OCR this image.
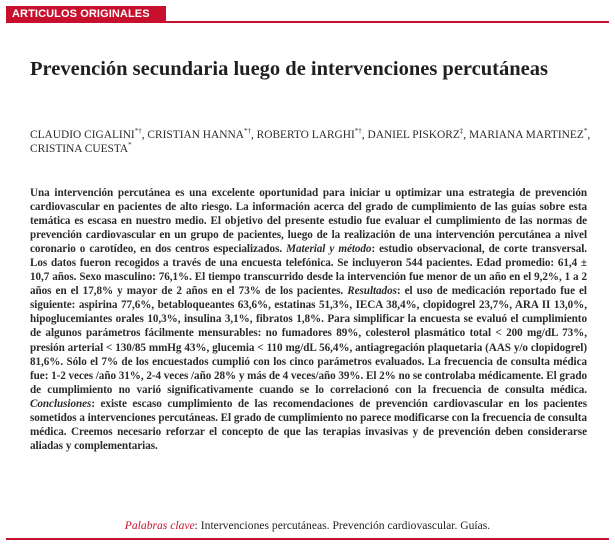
ARTICULOS ORIGINALES
Prevención secundaria luego de intervenciones percutáneas
CLAUDIO CIGALINI*†, CRISTIAN HANNA*†, ROBERTO LARGHI*†, DANIEL PISKORZ‡, MARIANA MARTINEZ*, CRISTINA CUESTA*

Una intervención percutánea es una excelente oportunidad para iniciar u optimizar una estrategia de prevención cardiovascular en pacientes de alto riesgo. La información acerca del grado de cumplimiento de las guías sobre esta temática es escasa en nuestro medio. El objetivo del presente estudio fue evaluar el cumplimiento de las normas de prevención cardiovascular en un grupo de pacientes, luego de la realización de una intervención percutánea a nivel coronario o carotídeo, en dos centros especializados. Material y método: estudio observacional, de corte transversal. Los datos fueron recogidos a través de una encuesta telefónica. Se incluyeron 544 pacientes. Edad promedio: 61,4 ± 10,7 años. Sexo masculino: 76,1%. El tiempo transcurrido desde la intervención fue menor de un año en el 9,2%, 1 a 2 años en el 17,8% y mayor de 2 años en el 73% de los pacientes. Resultados: el uso de medicación reportado fue el siguiente: aspirina 77,6%, betabloqueantes 63,6%, estatinas 51,3%, IECA 38,4%, clopidogrel 23,7%, ARA II 13,0%, hipoglucemiantes orales 10,3%, insulina 3,1%, fibratos 1,8%. Para simplificar la encuesta se evaluó el cumplimiento de algunos parámetros fácilmente mensurables: no fumadores 89%, colesterol plasmático total < 200 mg/dL 73%, presión arterial < 130/85 mmHg 43%, glucemia < 110 mg/dL 56,4%, antiagregación plaquetaria (AAS y/o clopidogrel) 81,6%. Sólo el 7% de los encuestados cumplió con los cinco parámetros evaluados. La frecuencia de consulta médica fue: 1-2 veces /año 31%, 2-4 veces /año 28% y más de 4 veces/año 39%. El 2% no se controlaba médicamente. El grado de cumplimiento no varió significativamente cuando se lo correlacionó con la frecuencia de consulta médica. Conclusiones: existe escaso cumplimiento de las recomendaciones de prevención cardiovascular en los pacientes sometidos a intervenciones percutáneas. El grado de cumplimiento no parece modificarse con la frecuencia de consulta médica. Creemos necesario reforzar el concepto de que las terapias invasivas y de prevención deben considerarse aliadas y complementarias.

Palabras clave: Intervenciones percutáneas. Prevención cardiovascular. Guías.
